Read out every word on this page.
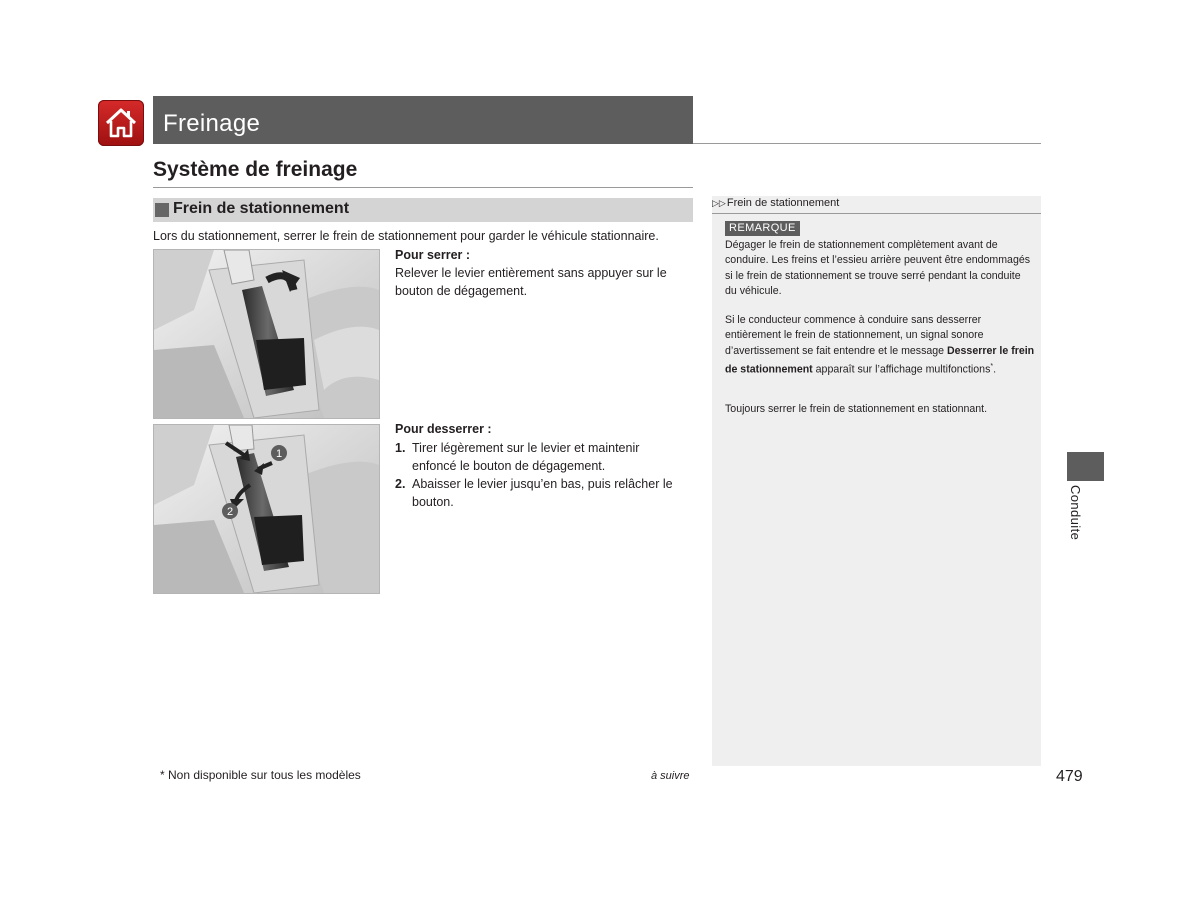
Freinage
Système de freinage
Frein de stationnement
Lors du stationnement, serrer le frein de stationnement pour garder le véhicule stationnaire.
1
2
Pour serrer :
Relever le levier entièrement sans appuyer sur le bouton de dégagement.
Pour desserrer :
1. Tirer légèrement sur le levier et maintenir enfoncé le bouton de dégagement.
2. Abaisser le levier jusqu’en bas, puis relâcher le bouton.
▷▷Frein de stationnement
REMARQUE
Dégager le frein de stationnement complètement avant de conduire. Les freins et l’essieu arrière peuvent être endommagés si le frein de stationnement se trouve serré pendant la conduite du véhicule.
Si le conducteur commence à conduire sans desserrer entièrement le frein de stationnement, un signal sonore d’avertissement se fait entendre et le message Desserrer le frein de stationnement apparaît sur l’affichage multifonctions*.
Toujours serrer le frein de stationnement en stationnant.
Conduite
* Non disponible sur tous les modèles	à suivre	479
